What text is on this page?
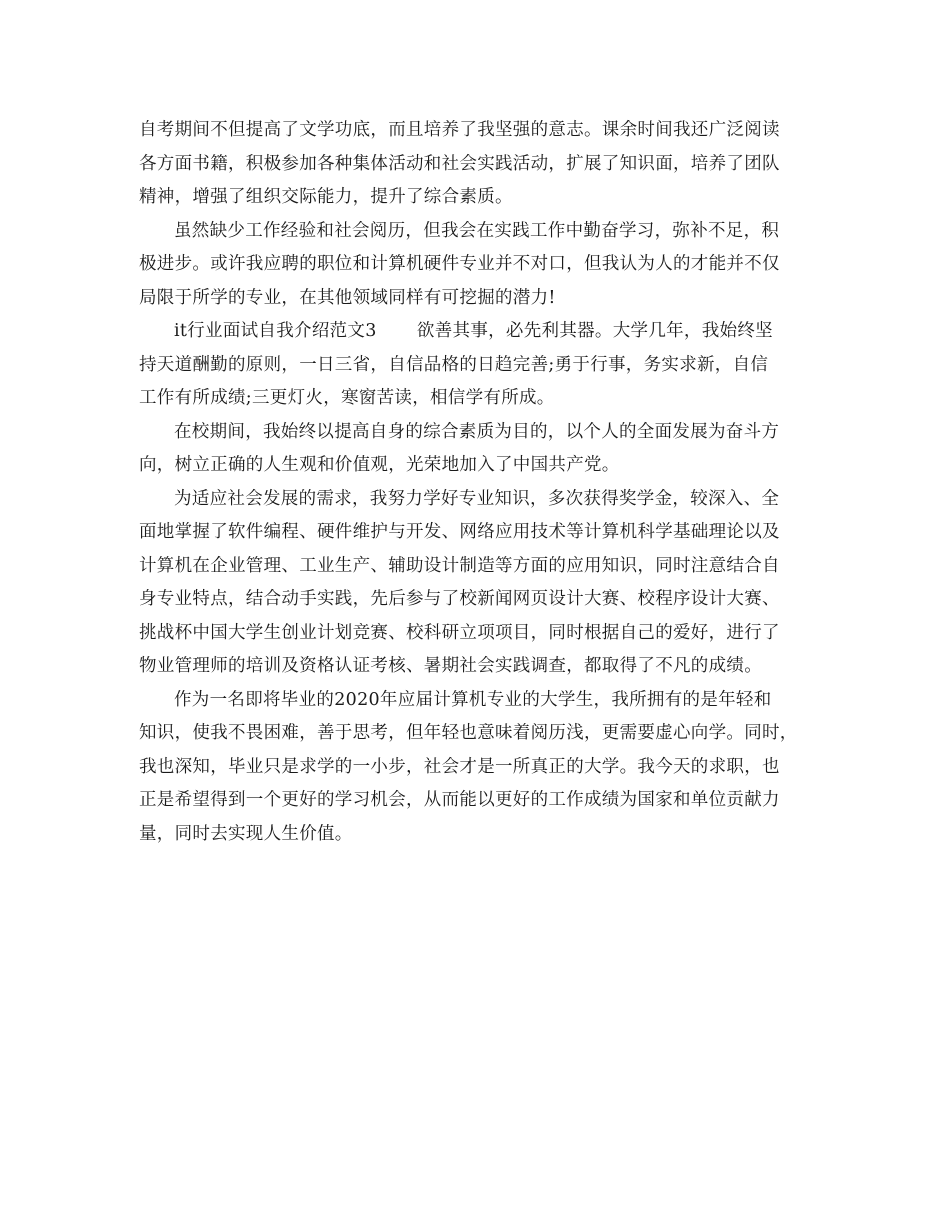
自考期间不但提高了文学功底，而且培养了我坚强的意志。课余时间我还广泛阅读
各方面书籍，积极参加各种集体活动和社会实践活动，扩展了知识面，培养了团队
精神，增强了组织交际能力，提升了综合素质。

虽然缺少工作经验和社会阅历，但我会在实践工作中勤奋学习，弥补不足，积
极进步。或许我应聘的职位和计算机硬件专业并不对口，但我认为人的才能并不仅
局限于所学的专业，在其他领域同样有可挖掘的潜力!

it行业面试自我介绍范文3 欲善其事，必先利其器。大学几年，我始终坚
持天道酬勤的原则，一日三省，自信品格的日趋完善;勇于行事，务实求新，自信
工作有所成绩;三更灯火，寒窗苦读，相信学有所成。

在校期间，我始终以提高自身的综合素质为目的，以个人的全面发展为奋斗方
向，树立正确的人生观和价值观，光荣地加入了中国共产党。

为适应社会发展的需求，我努力学好专业知识，多次获得奖学金，较深入、全
面地掌握了软件编程、硬件维护与开发、网络应用技术等计算机科学基础理论以及
计算机在企业管理、工业生产、辅助设计制造等方面的应用知识，同时注意结合自
身专业特点，结合动手实践，先后参与了校新闻网页设计大赛、校程序设计大赛、
挑战杯中国大学生创业计划竞赛、校科研立项项目，同时根据自己的爱好，进行了
物业管理师的培训及资格认证考核、暑期社会实践调查，都取得了不凡的成绩。

作为一名即将毕业的2020年应届计算机专业的大学生，我所拥有的是年轻和
知识，使我不畏困难，善于思考，但年轻也意味着阅历浅，更需要虚心向学。同时，
我也深知，毕业只是求学的一小步，社会才是一所真正的大学。我今天的求职，也
正是希望得到一个更好的学习机会，从而能以更好的工作成绩为国家和单位贡献力
量，同时去实现人生价值。
